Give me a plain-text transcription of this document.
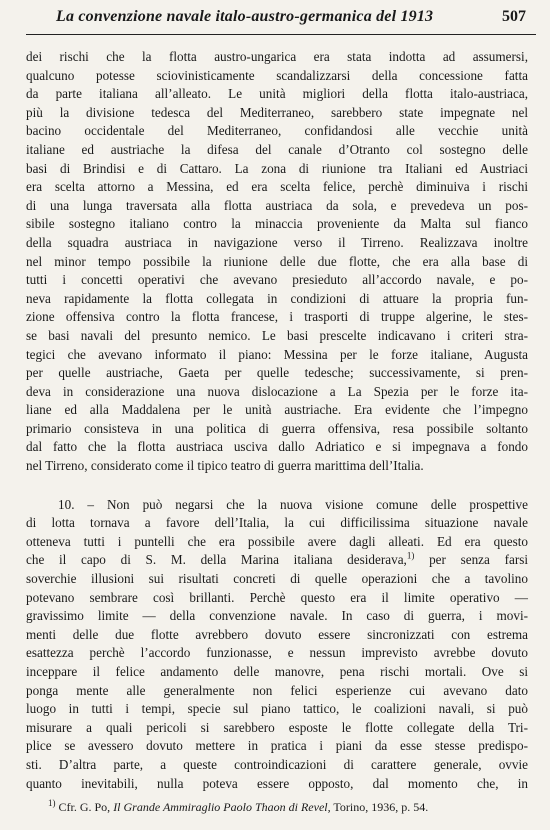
La convenzione navale italo-austro-germanica del 1913	507
dei rischi che la flotta austro-ungarica era stata indotta ad assumersi,
qualcuno potesse sciovinisticamente scandalizzarsi della concessione fatta
da parte italiana all’alleato. Le unità migliori della flotta italo-austriaca,
più la divisione tedesca del Mediterraneo, sarebbero state impegnate nel
bacino occidentale del Mediterraneo, confidandosi alle vecchie unità
italiane ed austriache la difesa del canale d’Otranto col sostegno delle
basi di Brindisi e di Cattaro. La zona di riunione tra Italiani ed Austriaci
era scelta attorno a Messina, ed era scelta felice, perchè diminuiva i rischi
di una lunga traversata alla flotta austriaca da sola, e prevedeva un pos-
sibile sostegno italiano contro la minaccia proveniente da Malta sul fianco
della squadra austriaca in navigazione verso il Tirreno. Realizzava inoltre
nel minor tempo possibile la riunione delle due flotte, che era alla base di
tutti i concetti operativi che avevano presieduto all’accordo navale, e po-
neva rapidamente la flotta collegata in condizioni di attuare la propria fun-
zione offensiva contro la flotta francese, i trasporti di truppe algerine, le stes-
se basi navali del presunto nemico. Le basi prescelte indicavano i criteri stra-
tegici che avevano informato il piano: Messina per le forze italiane, Augusta
per quelle austriache, Gaeta per quelle tedesche; successivamente, si pren-
deva in considerazione una nuova dislocazione a La Spezia per le forze ita-
liane ed alla Maddalena per le unità austriache. Era evidente che l’impegno
primario consisteva in una politica di guerra offensiva, resa possibile soltanto
dal fatto che la flotta austriaca usciva dallo Adriatico e si impegnava a fondo
nel Tirreno, considerato come il tipico teatro di guerra marittima dell’Italia.
10. – Non può negarsi che la nuova visione comune delle prospettive
di lotta tornava a favore dell’Italia, la cui difficilissima situazione navale
otteneva tutti i puntelli che era possibile avere dagli alleati. Ed era questo
che il capo di S. M. della Marina italiana desiderava,$^{1)}$ per senza farsi
soverchie illusioni sui risultati concreti di quelle operazioni che a tavolino
potevano sembrare così brillanti. Perchè questo era il limite operativo —
gravissimo limite — della convenzione navale. In caso di guerra, i movi-
menti delle due flotte avrebbero dovuto essere sincronizzati con estrema
esattezza perchè l’accordo funzionasse, e nessun imprevisto avrebbe dovuto
inceppare il felice andamento delle manovre, pena rischi mortali. Ove si
ponga mente alle generalmente non felici esperienze cui avevano dato
luogo in tutti i tempi, specie sul piano tattico, le coalizioni navali, si può
misurare a quali pericoli si sarebbero esposte le flotte collegate della Tri-
plice se avessero dovuto mettere in pratica i piani da esse stesse predispo-
sti. D’altra parte, a queste controindicazioni di carattere generale, ovvie
quanto inevitabili, nulla poteva essere opposto, dal momento che, in
$^{1)}$ Cfr. G. Po, Il Grande Ammiraglio Paolo Thaon di Revel, Torino, 1936, p. 54.
